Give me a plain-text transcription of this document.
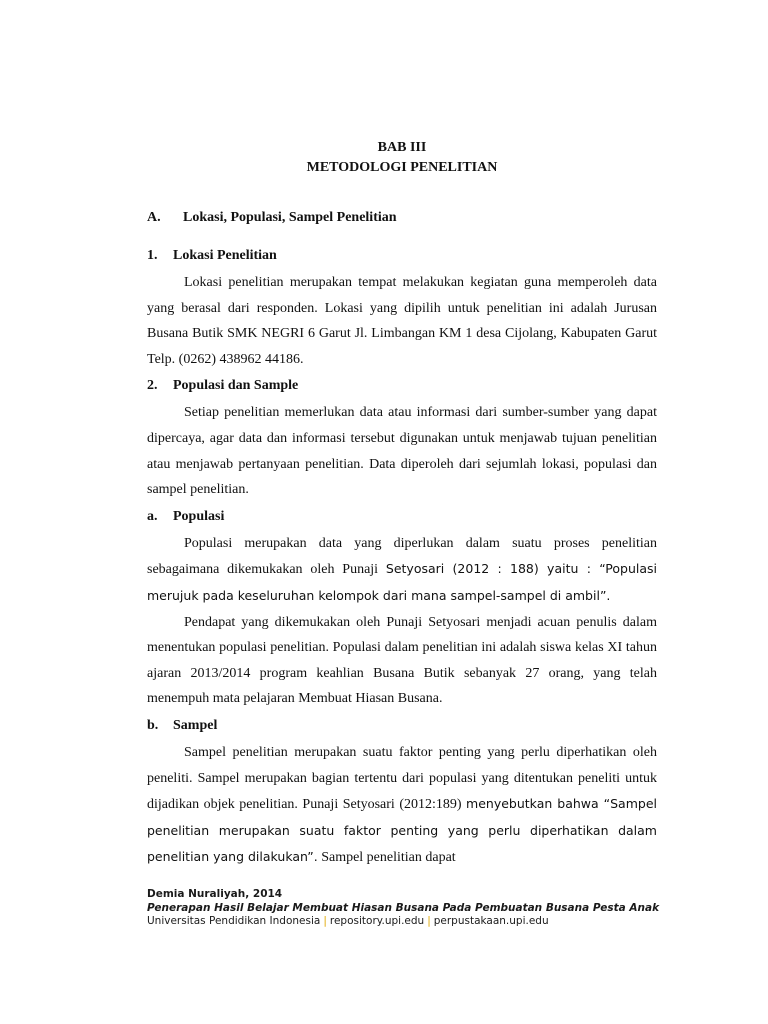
BAB III
METODOLOGI PENELITIAN
A.	Lokasi, Populasi, Sampel Penelitian
1.	Lokasi Penelitian

Lokasi penelitian merupakan tempat melakukan kegiatan guna memperoleh data yang berasal dari responden. Lokasi yang dipilih untuk penelitian ini adalah Jurusan Busana Butik SMK NEGRI 6 Garut Jl. Limbangan KM 1 desa Cijolang, Kabupaten Garut Telp. (0262) 438962 44186.

2.	Populasi dan Sample

Setiap penelitian memerlukan data atau informasi dari sumber-sumber yang dapat dipercaya, agar data dan informasi tersebut digunakan untuk menjawab tujuan penelitian atau menjawab pertanyaan penelitian. Data diperoleh dari sejumlah lokasi, populasi dan sampel penelitian.

a.	Populasi

Populasi merupakan data yang diperlukan dalam suatu proses penelitian sebagaimana dikemukakan oleh Punaji Setyosari (2012 : 188) yaitu : “Populasi merujuk pada keseluruhan kelompok dari mana sampel-sampel di ambil”.

Pendapat yang dikemukakan oleh Punaji Setyosari menjadi acuan penulis dalam menentukan populasi penelitian. Populasi dalam penelitian ini adalah siswa kelas XI tahun ajaran 2013/2014 program keahlian Busana Butik sebanyak 27 orang, yang telah menempuh mata pelajaran Membuat Hiasan Busana.

b.	Sampel

Sampel penelitian merupakan suatu faktor penting yang perlu diperhatikan oleh peneliti. Sampel merupakan bagian tertentu dari populasi yang ditentukan peneliti untuk dijadikan objek penelitian. Punaji Setyosari (2012:189) menyebutkan bahwa “Sampel penelitian merupakan suatu faktor penting yang perlu diperhatikan dalam penelitian yang dilakukan”. Sampel penelitian dapat

Demia Nuraliyah, 2014
Penerapan Hasil Belajar Membuat Hiasan Busana Pada Pembuatan Busana Pesta Anak
Universitas Pendidikan Indonesia | repository.upi.edu | perpustakaan.upi.edu
